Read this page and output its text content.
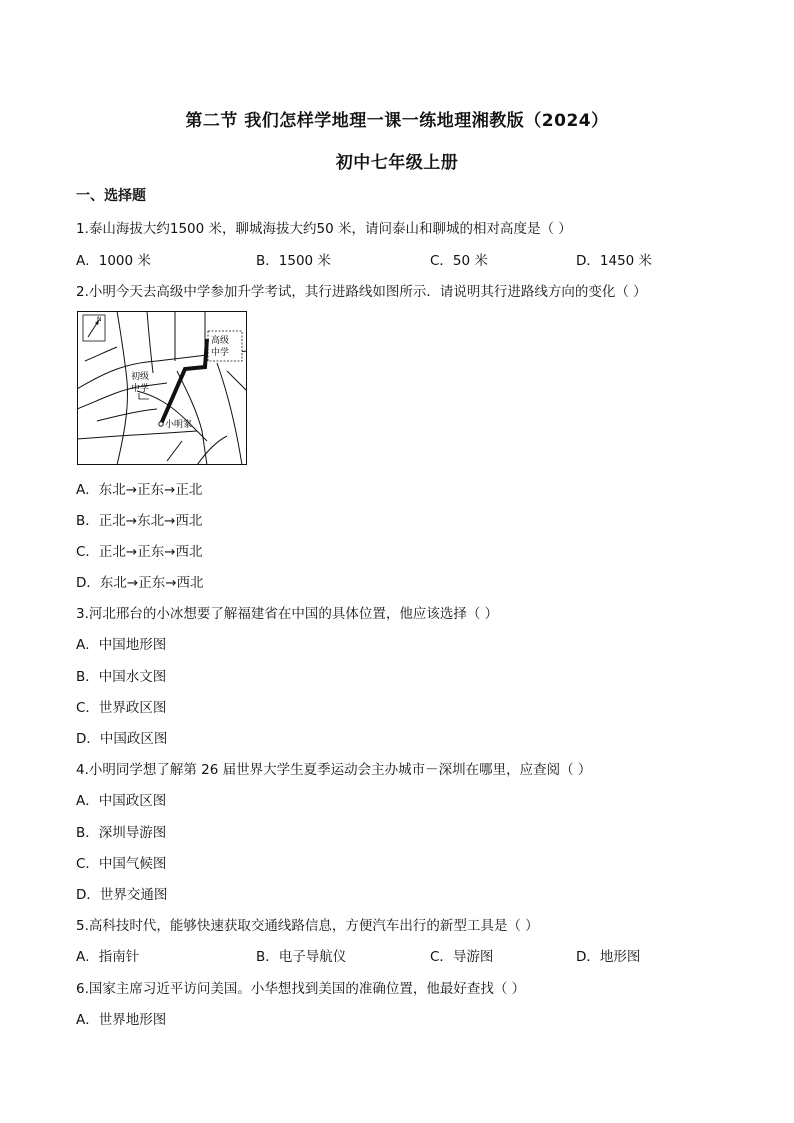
第二节 我们怎样学地理一课一练地理湘教版（2024）
初中七年级上册
一、选择题
1.泰山海拔大约1500 米，聊城海拔大约50 米，请问泰山和聊城的相对高度是（ ）
A．1000 米	B．1500 米	C．50 米	D．1450 米
2.小明今天去高级中学参加升学考试，其行进路线如图所示．请说明其行进路线方向的变化（ ）
N
高级
中学
初级
中学
小明家
A．东北→正东→正北
B．正北→东北→西北
C．正北→正东→西北
D．东北→正东→西北
3.河北邢台的小冰想要了解福建省在中国的具体位置，他应该选择（ ）
A．中国地形图
B．中国水文图
C．世界政区图
D．中国政区图
4.小明同学想了解第 26 届世界大学生夏季运动会主办城市－深圳在哪里，应查阅（ ）
A．中国政区图
B．深圳导游图
C．中国气候图
D．世界交通图
5.高科技时代，能够快速获取交通线路信息，方便汽车出行的新型工具是（ ）
A．指南针	B．电子导航仪	C．导游图	D．地形图
6.国家主席习近平访问美国。小华想找到美国的准确位置，他最好查找（ ）
A．世界地形图
